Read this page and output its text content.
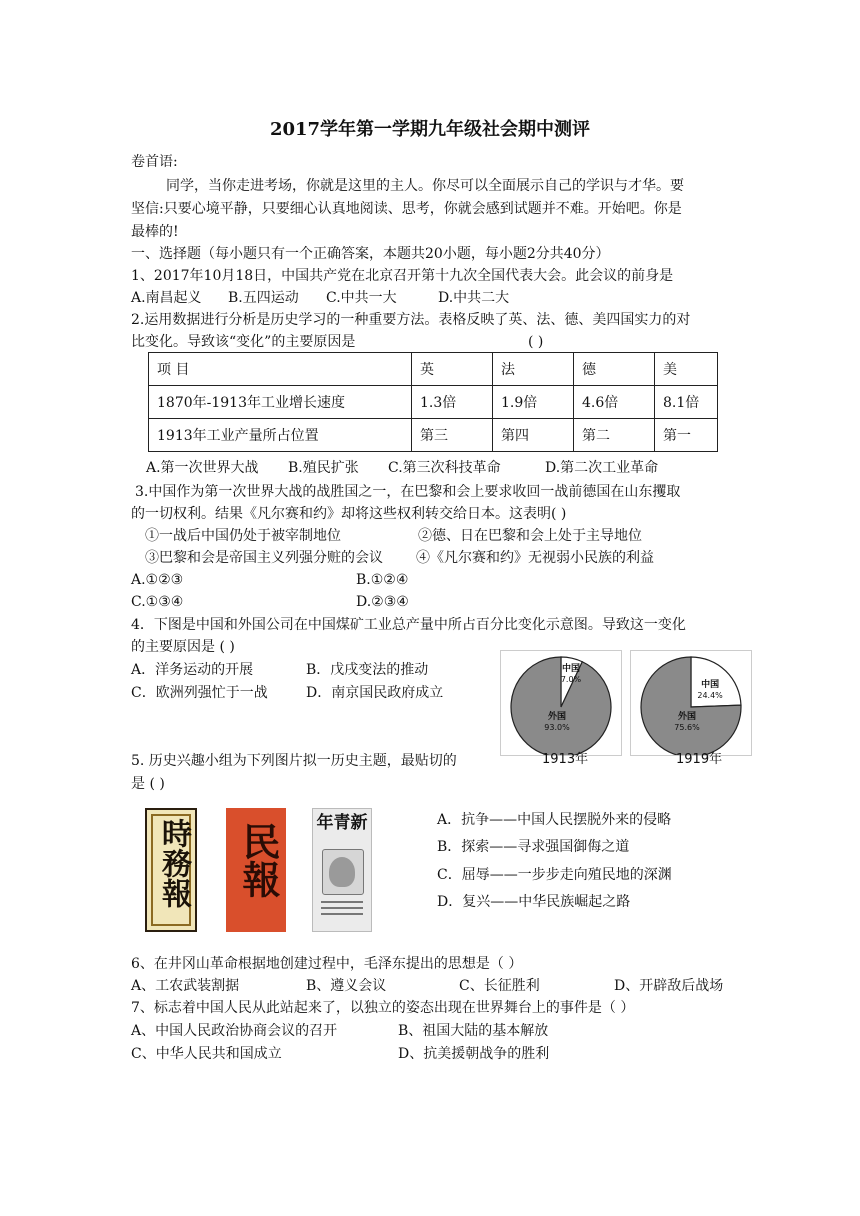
2017学年第一学期九年级社会期中测评
卷首语:
同学，当你走进考场，你就是这里的主人。你尽可以全面展示自己的学识与才华。要
坚信:只要心境平静，只要细心认真地阅读、思考，你就会感到试题并不难。开始吧。你是
最棒的!
一、选择题（每小题只有一个正确答案，本题共20小题，每小题2分共40分）
1、2017年10月18日，中国共产党在北京召开第十九次全国代表大会。此会议的前身是
A.南昌起义 B.五四运动 C.中共一大	D.中共二大
2.运用数据进行分析是历史学习的一种重要方法。表格反映了英、法、德、美四国实力的对
比变化。导致该“变化”的主要原因是	( )
项 目	英	法	德	美
1870年-1913年工业增长速度	1.3倍	1.9倍	4.6倍	8.1倍
1913年工业产量所占位置	第三	第四	第二	第一
A.第一次世界大战 B.殖民扩张 C.第三次科技革命	D.第二次工业革命
3.中国作为第一次世界大战的战胜国之一，在巴黎和会上要求收回一战前德国在山东攫取
的一切权利。结果《凡尔赛和约》却将这些权利转交给日本。这表明( )
①一战后中国仍处于被宰制地位	②德、日在巴黎和会上处于主导地位
③巴黎和会是帝国主义列强分赃的会议 ④《凡尔赛和约》无视弱小民族的利益
A.①②③	B.①②④
C.①③④	D.②③④
4．下图是中国和外国公司在中国煤矿工业总产量中所占百分比变化示意图。导致这一变化
的主要原因是 ( )
A．洋务运动的开展	B．戊戌变法的推动
C．欧洲列强忙于一战	D．南京国民政府成立
中国
7.0%
外国
93.0%
1913年
中国
24.4%
外国
75.6%
1919年
5. 历史兴趣小组为下列图片拟一历史主题，最贴切的
是 ( )
時務報 民報 新青年	A．抗争——中国人民摆脱外来的侵略
B．探索——寻求强国御侮之道
C．屈辱——一步步走向殖民地的深渊
D．复兴——中华民族崛起之路
6、在井冈山革命根据地创建过程中，毛泽东提出的思想是（ ）
A、工农武装割据	B、遵义会议	C、长征胜利	D、开辟敌后战场
7、标志着中国人民从此站起来了，以独立的姿态出现在世界舞台上的事件是（ ）
A、中国人民政治协商会议的召开	B、祖国大陆的基本解放
C、中华人民共和国成立	D、抗美援朝战争的胜利
